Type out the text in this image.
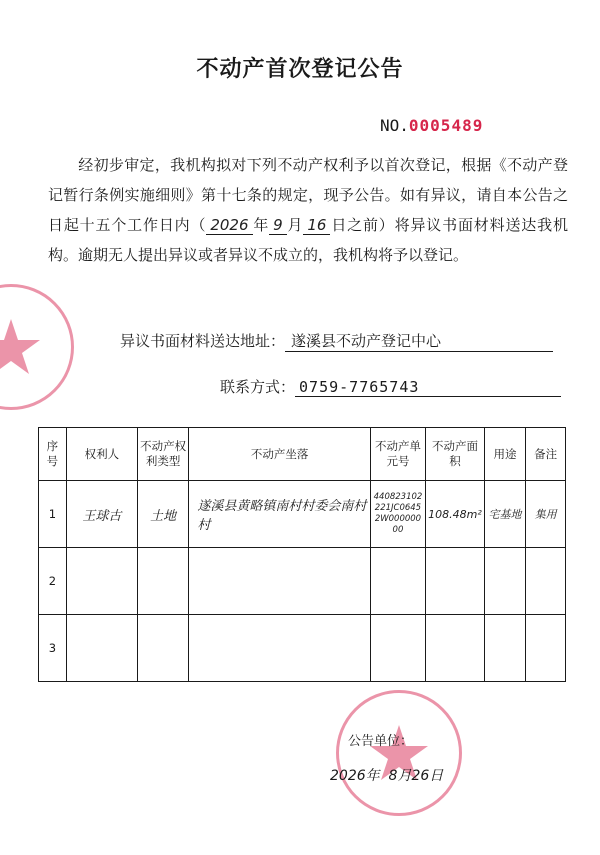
不动产首次登记公告
NO.0005489
经初步审定，我机构拟对下列不动产权利予以首次登记，根据《不动产登记暂行条例实施细则》第十七条的规定，现予公告。如有异议，请自本公告之日起十五个工作日内（ 2026 年 9 月 16 日之前）将异议书面材料送达我机构。逾期无人提出异议或者异议不成立的，我机构将予以登记。
异议书面材料送达地址： 遂溪县不动产登记中心
联系方式： 0759-7765743
序号	权利人	不动产权利类型	不动产坐落	不动产单元号	不动产面积	用途	备注
1	王球古	土地	遂溪县黄略镇南村村委会南村村	440823102221JC06452W00000000	108.48m²	宅基地	集用
2							
3							
公告单位：
2026年 8月26日
